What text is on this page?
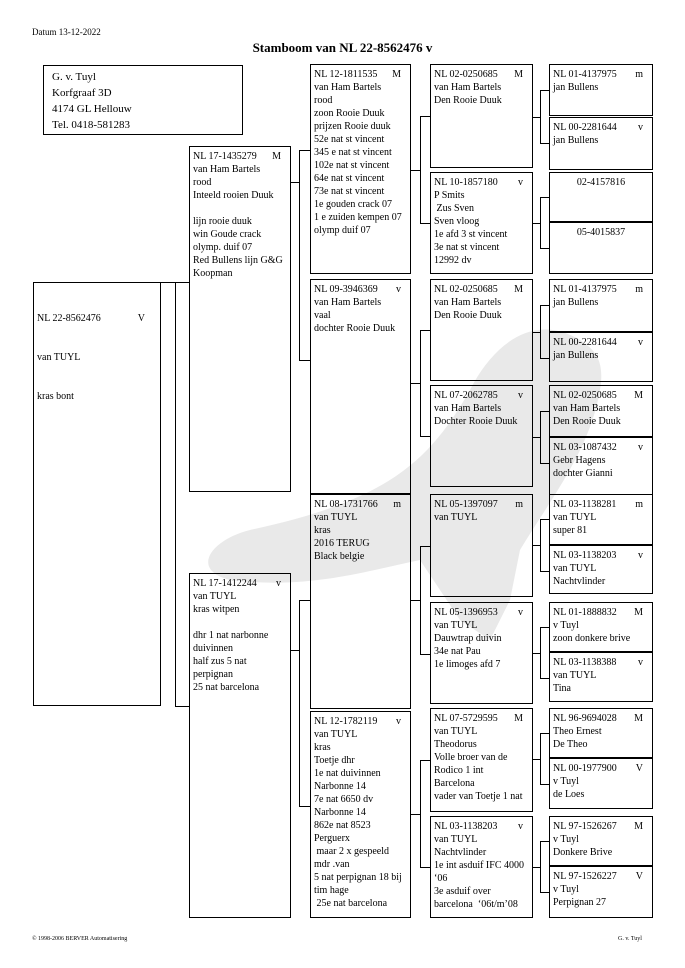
Datum 13-12-2022
Stamboom van NL 22-8562476 v
G. v. Tuyl
Korfgraaf 3D
4174 GL Hellouw
Tel. 0418-581283

NL 22-8562476	V

van TUYL

kras bont

NL 17-1435279 M
van Ham Bartels
rood
Inteeld rooien Duuk

lijn rooie duuk
win Goude crack
olymp. duif 07
Red Bullens lijn G&G
Koopman
NL 17-1412244 v
van TUYL
kras witpen

dhr 1 nat narbonne
duivinnen
half zus 5 nat
perpignan
25 nat barcelona
NL 12-1811535 M
van Ham Bartels
rood
zoon Rooie Duuk
prijzen Rooie duuk
52e nat st vincent
345 e nat st vincent
102e nat st vincent
64e nat st vincent
73e nat st vincent
1e gouden crack 07
1 e zuiden kempen 07
olymp duif 07
NL 09-3946369 v
van Ham Bartels
vaal
dochter Rooie Duuk
NL 08-1731766 m
van TUYL
kras
2016 TERUG
Black belgie
NL 12-1782119 v
van TUYL
kras
Toetje dhr
1e nat duivinnen
Narbonne 14
7e nat 6650 dv
Narbonne 14
862e nat 8523
Perguerx
maar 2 x gespeeld
mdr .van
5 nat perpignan 18 bij
tim hage
25e nat barcelona
NL 02-0250685 M
van Ham Bartels
Den Rooie Duuk
NL 10-1857180 v
P Smits
Zus Sven
Sven vloog
1e afd 3 st vincent
3e nat st vincent
12992 dv
NL 02-0250685 M
van Ham Bartels
Den Rooie Duuk
NL 07-2062785 v
van Ham Bartels
Dochter Rooie Duuk
NL 05-1397097 m
van TUYL
NL 05-1396953 v
van TUYL
Dauwtrap duivin
34e nat Pau
1e limoges afd 7
NL 07-5729595 M
van TUYL
Theodorus
Volle broer van de
Rodico 1 int
Barcelona
vader van Toetje 1 nat
NL 03-1138203 v
van TUYL
Nachtvlinder
1e int asduif IFC 4000
‘06
3e asduif over
barcelona  ‘06t/m’08
NL 01-4137975 m
jan Bullens
NL 00-2281644 v
jan Bullens
02-4157816
05-4015837
NL 01-4137975 m
jan Bullens
NL 00-2281644 v
jan Bullens
NL 02-0250685 M
van Ham Bartels
Den Rooie Duuk
NL 03-1087432 v
Gebr Hagens
dochter Gianni
NL 03-1138281 m
van TUYL
super 81
NL 03-1138203 v
van TUYL
Nachtvlinder
NL 01-1888832 M
v Tuyl
zoon donkere brive
NL 03-1138388 v
van TUYL
Tina
NL 96-9694028 M
Theo Ernest
De Theo
NL 00-1977900 V
v Tuyl
de Loes
NL 97-1526267 M
v Tuyl
Donkere Brive
NL 97-1526227 V
v Tuyl
Perpignan 27
© 1998-2006 BERVER Automatisering	G. v. Tuyl
